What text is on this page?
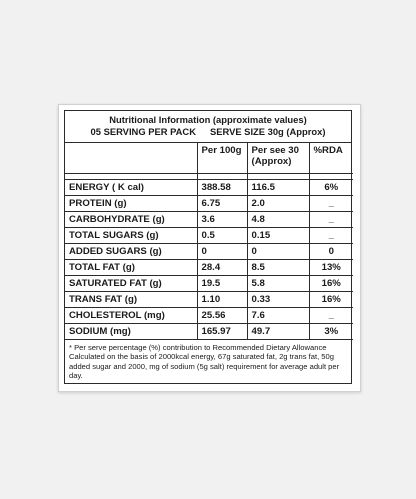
Nutritional Information (approximate values)
05 SERVING PER PACK SERVE SIZE 30g (Approx)
	Per 100g	Per see 30 (Approx)	%RDA

ENERGY ( K cal)	388.58	116.5	6%
PROTEIN (g)	6.75	2.0	_
CARBOHYDRATE (g)	3.6	4.8	_
TOTAL SUGARS (g)	0.5	0.15	_
ADDED SUGARS (g)	0	0	0
TOTAL FAT (g)	28.4	8.5	13%
SATURATED FAT (g)	19.5	5.8	16%
TRANS FAT (g)	1.10	0.33	16%
CHOLESTEROL (mg)	25.56	7.6	_
SODIUM (mg)	165.97	49.7	3%
* Per serve percentage (%) contribution to Recommended Dietary Allowance Calculated on the basis of 2000kcal energy, 67g saturated fat, 2g trans fat, 50g added sugar and 2000, mg of sodium (5g salt) requirement for average adult per day.
